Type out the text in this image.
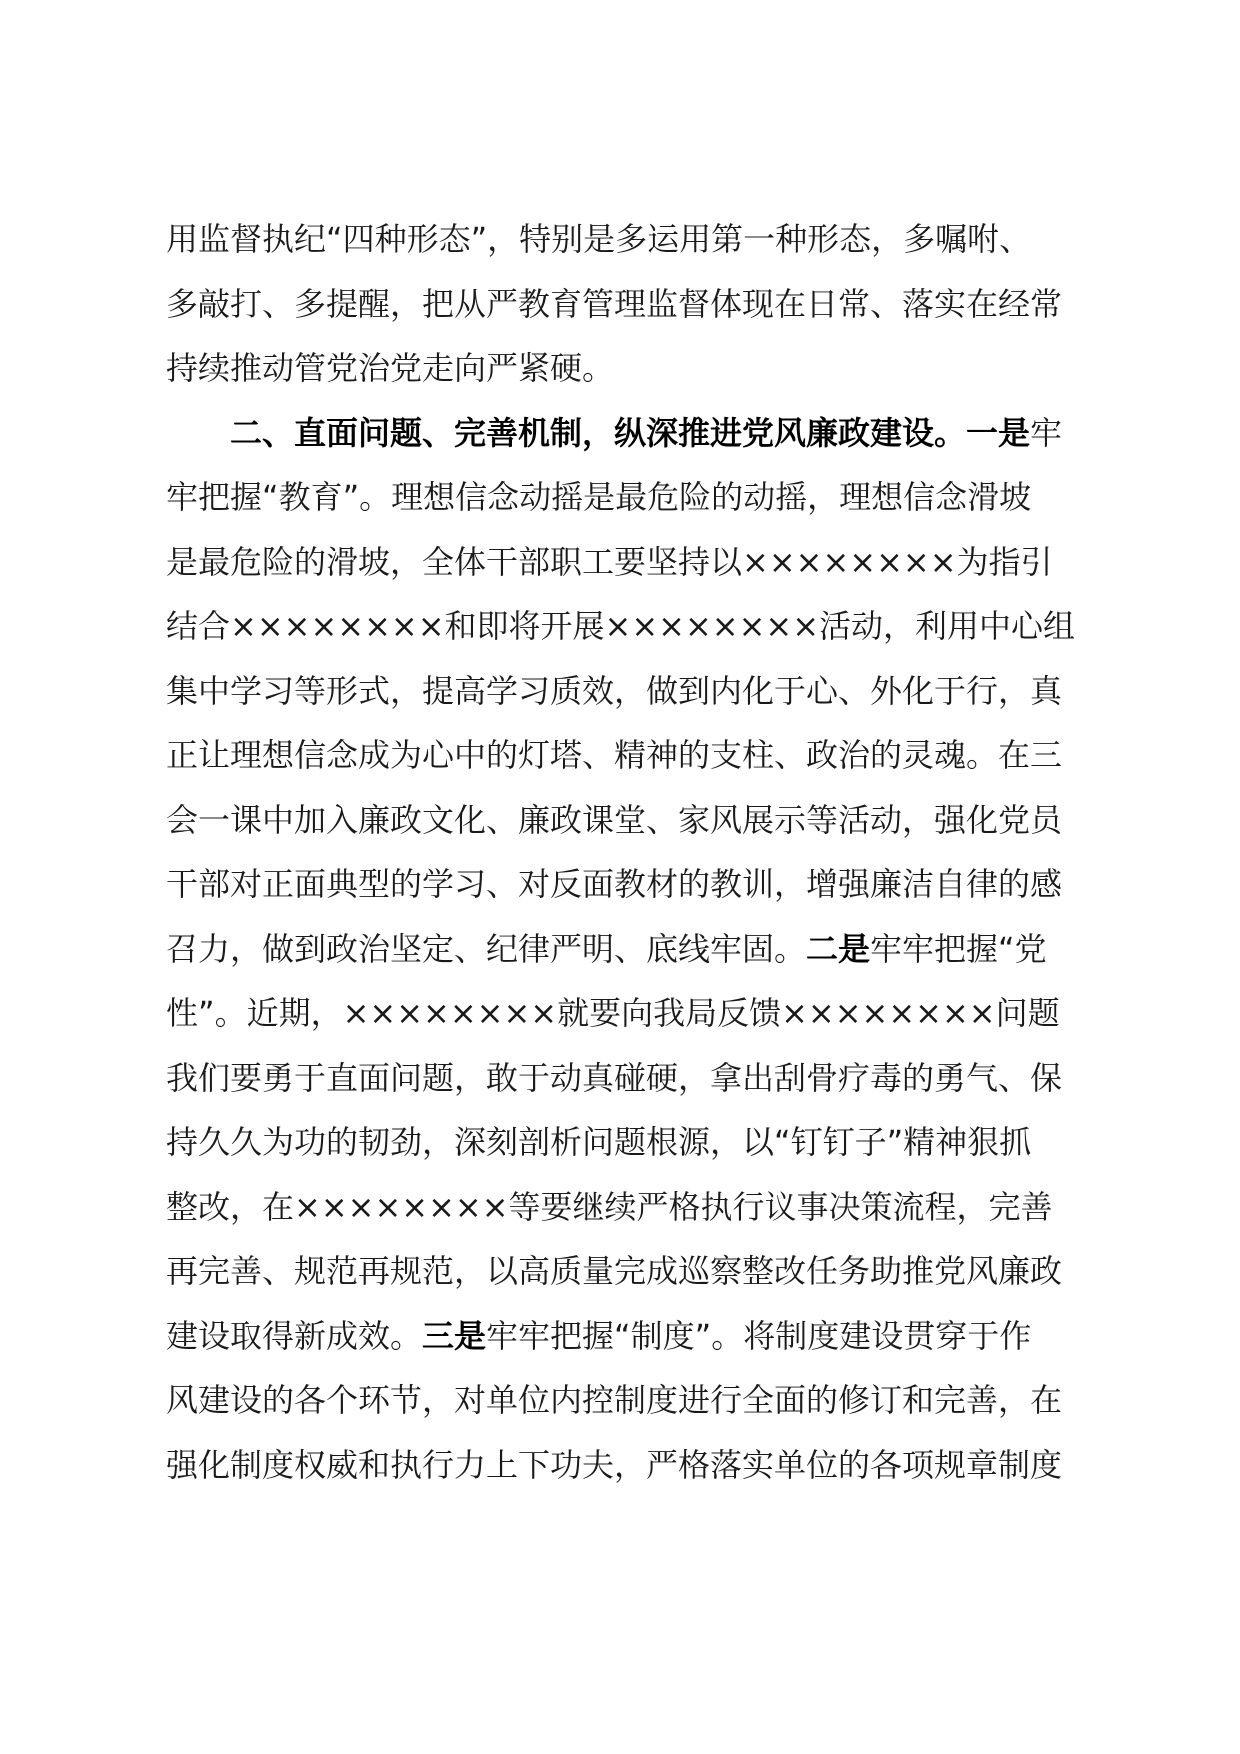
用监督执纪“四种形态”，特别是多运用第一种形态，多嘱咐、
多敲打、多提醒，把从严教育管理监督体现在日常、落实在经常
持续推动管党治党走向严紧硬。
二、直面问题、完善机制，纵深推进党风廉政建设。一是牢
牢把握“教育”。理想信念动摇是最危险的动摇，理想信念滑坡
是最危险的滑坡，全体干部职工要坚持以××××××××为指引
结合××××××××和即将开展××××××××活动，利用中心组
集中学习等形式，提高学习质效，做到内化于心、外化于行，真
正让理想信念成为心中的灯塔、精神的支柱、政治的灵魂。在三
会一课中加入廉政文化、廉政课堂、家风展示等活动，强化党员
干部对正面典型的学习、对反面教材的教训，增强廉洁自律的感
召力，做到政治坚定、纪律严明、底线牢固。二是牢牢把握“党
性”。近期，××××××××就要向我局反馈××××××××问题
我们要勇于直面问题，敢于动真碰硬，拿出刮骨疗毒的勇气、保
持久久为功的韧劲，深刻剖析问题根源，以“钉钉子”精神狠抓
整改，在××××××××等要继续严格执行议事决策流程，完善
再完善、规范再规范，以高质量完成巡察整改任务助推党风廉政
建设取得新成效。三是牢牢把握“制度”。将制度建设贯穿于作
风建设的各个环节，对单位内控制度进行全面的修订和完善，在
强化制度权威和执行力上下功夫，严格落实单位的各项规章制度
